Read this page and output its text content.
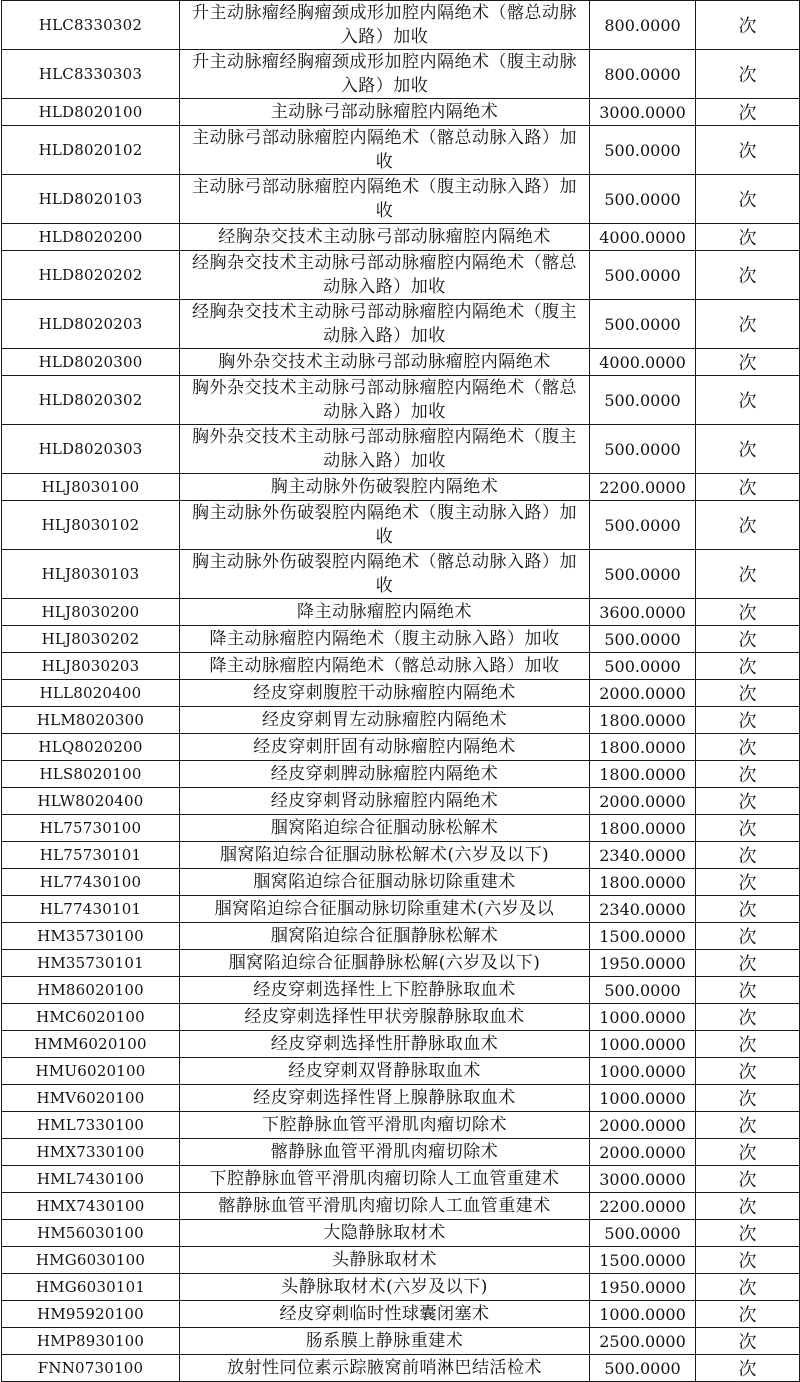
HLC8330302	升主动脉瘤经胸瘤颈成形加腔内隔绝术（髂总动脉入路）加收	800.0000	次
HLC8330303	升主动脉瘤经胸瘤颈成形加腔内隔绝术（腹主动脉入路）加收	800.0000	次
HLD8020100	主动脉弓部动脉瘤腔内隔绝术	3000.0000	次
HLD8020102	主动脉弓部动脉瘤腔内隔绝术（髂总动脉入路）加收	500.0000	次
HLD8020103	主动脉弓部动脉瘤腔内隔绝术（腹主动脉入路）加收	500.0000	次
HLD8020200	经胸杂交技术主动脉弓部动脉瘤腔内隔绝术	4000.0000	次
HLD8020202	经胸杂交技术主动脉弓部动脉瘤腔内隔绝术（髂总动脉入路）加收	500.0000	次
HLD8020203	经胸杂交技术主动脉弓部动脉瘤腔内隔绝术（腹主动脉入路）加收	500.0000	次
HLD8020300	胸外杂交技术主动脉弓部动脉瘤腔内隔绝术	4000.0000	次
HLD8020302	胸外杂交技术主动脉弓部动脉瘤腔内隔绝术（髂总动脉入路）加收	500.0000	次
HLD8020303	胸外杂交技术主动脉弓部动脉瘤腔内隔绝术（腹主动脉入路）加收	500.0000	次
HLJ8030100	胸主动脉外伤破裂腔内隔绝术	2200.0000	次
HLJ8030102	胸主动脉外伤破裂腔内隔绝术（腹主动脉入路）加收	500.0000	次
HLJ8030103	胸主动脉外伤破裂腔内隔绝术（髂总动脉入路）加收	500.0000	次
HLJ8030200	降主动脉瘤腔内隔绝术	3600.0000	次
HLJ8030202	降主动脉瘤腔内隔绝术（腹主动脉入路）加收	500.0000	次
HLJ8030203	降主动脉瘤腔内隔绝术（髂总动脉入路）加收	500.0000	次
HLL8020400	经皮穿刺腹腔干动脉瘤腔内隔绝术	2000.0000	次
HLM8020300	经皮穿刺胃左动脉瘤腔内隔绝术	1800.0000	次
HLQ8020200	经皮穿刺肝固有动脉瘤腔内隔绝术	1800.0000	次
HLS8020100	经皮穿刺脾动脉瘤腔内隔绝术	1800.0000	次
HLW8020400	经皮穿刺肾动脉瘤腔内隔绝术	2000.0000	次
HL75730100	腘窝陷迫综合征腘动脉松解术	1800.0000	次
HL75730101	腘窝陷迫综合征腘动脉松解术(六岁及以下)	2340.0000	次
HL77430100	腘窝陷迫综合征腘动脉切除重建术	1800.0000	次
HL77430101	腘窝陷迫综合征腘动脉切除重建术(六岁及以	2340.0000	次
HM35730100	腘窝陷迫综合征腘静脉松解术	1500.0000	次
HM35730101	腘窝陷迫综合征腘静脉松解(六岁及以下)	1950.0000	次
HM86020100	经皮穿刺选择性上下腔静脉取血术	500.0000	次
HMC6020100	经皮穿刺选择性甲状旁腺静脉取血术	1000.0000	次
HMM6020100	经皮穿刺选择性肝静脉取血术	1000.0000	次
HMU6020100	经皮穿刺双肾静脉取血术	1000.0000	次
HMV6020100	经皮穿刺选择性肾上腺静脉取血术	1000.0000	次
HML7330100	下腔静脉血管平滑肌肉瘤切除术	2000.0000	次
HMX7330100	髂静脉血管平滑肌肉瘤切除术	2000.0000	次
HML7430100	下腔静脉血管平滑肌肉瘤切除人工血管重建术	3000.0000	次
HMX7430100	髂静脉血管平滑肌肉瘤切除人工血管重建术	2200.0000	次
HM56030100	大隐静脉取材术	500.0000	次
HMG6030100	头静脉取材术	1500.0000	次
HMG6030101	头静脉取材术(六岁及以下)	1950.0000	次
HM95920100	经皮穿刺临时性球囊闭塞术	1000.0000	次
HMP8930100	肠系膜上静脉重建术	2500.0000	次
FNN0730100	放射性同位素示踪腋窝前哨淋巴结活检术	500.0000	次
